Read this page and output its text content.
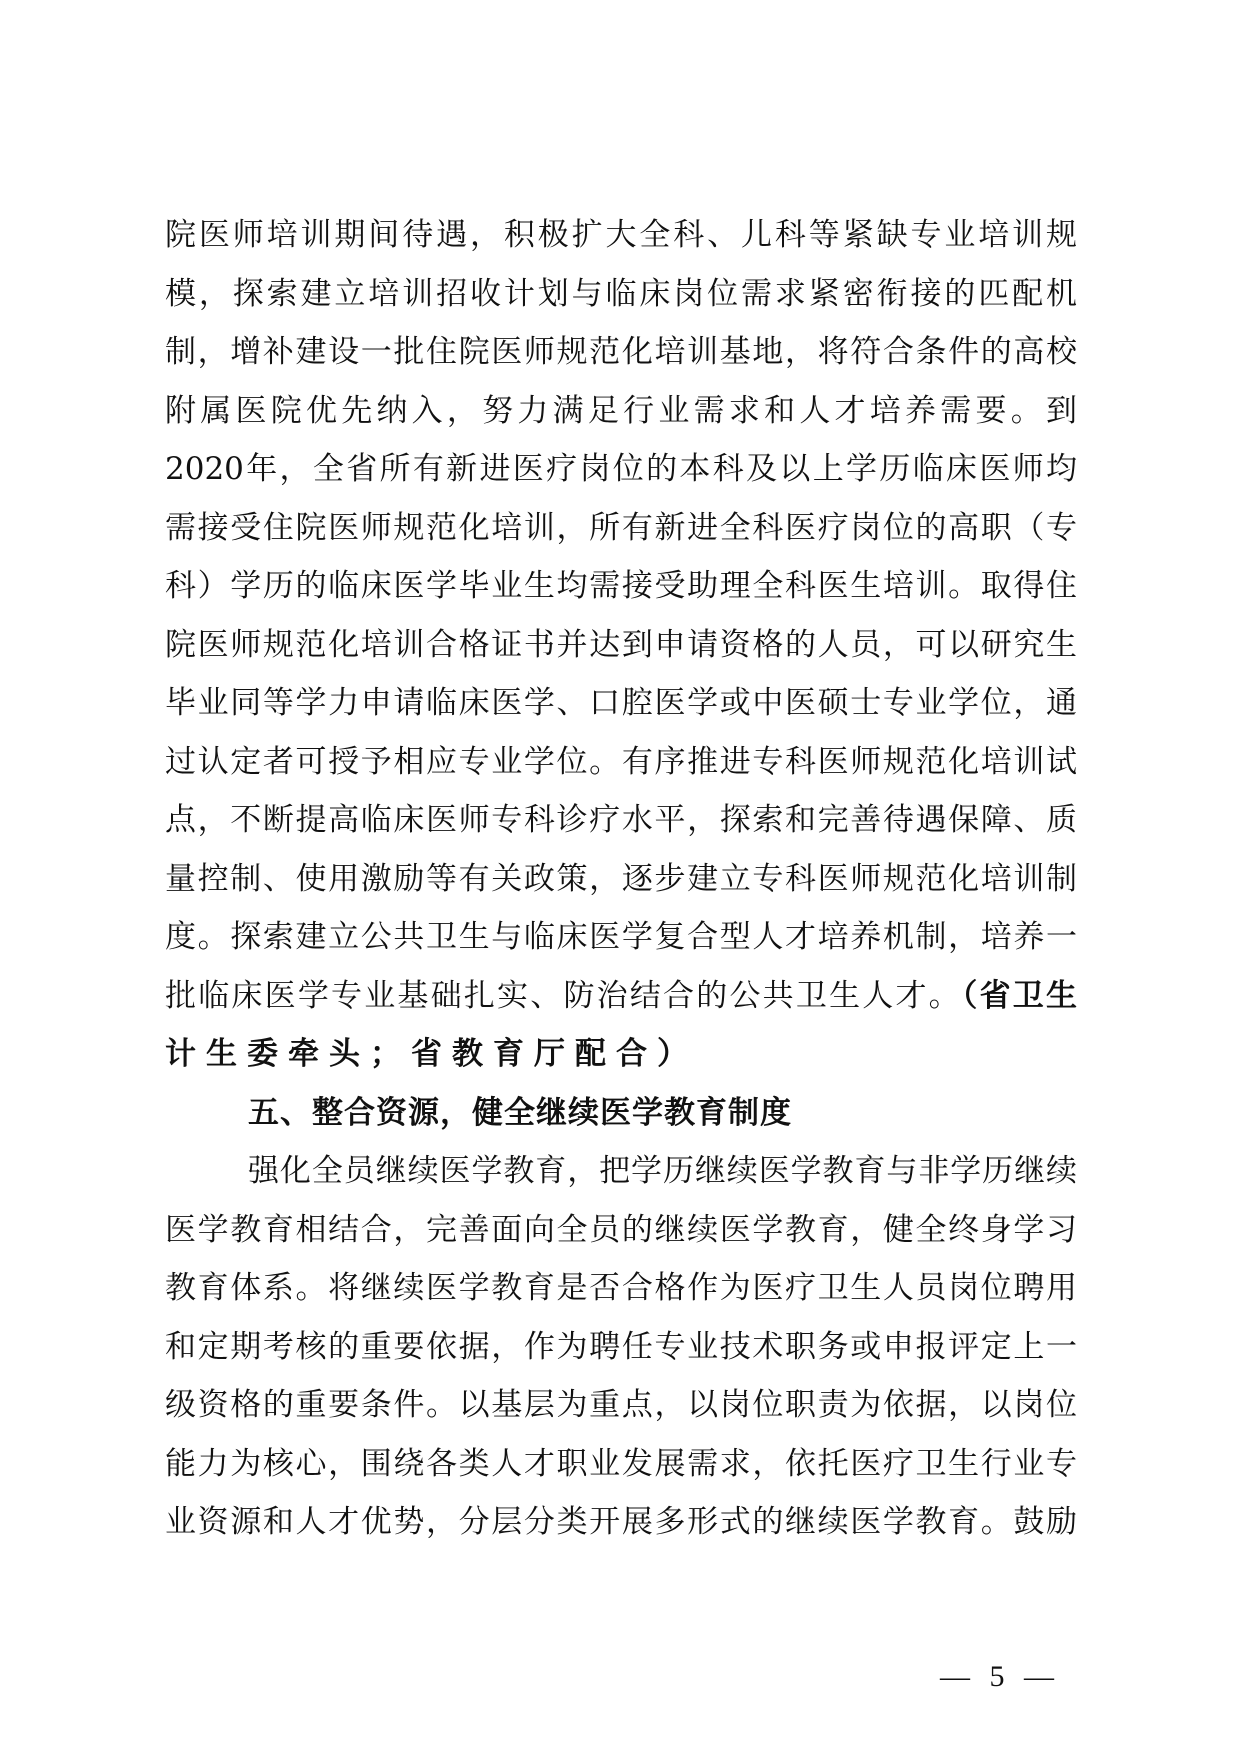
院医师培训期间待遇，积极扩大全科、儿科等紧缺专业培训规
模，探索建立培训招收计划与临床岗位需求紧密衔接的匹配机
制，增补建设一批住院医师规范化培训基地，将符合条件的高校
附属医院优先纳入，努力满足行业需求和人才培养需要。到
2020年，全省所有新进医疗岗位的本科及以上学历临床医师均
需接受住院医师规范化培训，所有新进全科医疗岗位的高职（专
科）学历的临床医学毕业生均需接受助理全科医生培训。取得住
院医师规范化培训合格证书并达到申请资格的人员，可以研究生
毕业同等学力申请临床医学、口腔医学或中医硕士专业学位，通
过认定者可授予相应专业学位。有序推进专科医师规范化培训试
点，不断提高临床医师专科诊疗水平，探索和完善待遇保障、质
量控制、使用激励等有关政策，逐步建立专科医师规范化培训制
度。探索建立公共卫生与临床医学复合型人才培养机制，培养一
批临床医学专业基础扎实、防治结合的公共卫生人才。（省卫生
计生委牵头；省教育厅配合）
五、整合资源，健全继续医学教育制度
强化全员继续医学教育，把学历继续医学教育与非学历继续
医学教育相结合，完善面向全员的继续医学教育，健全终身学习
教育体系。将继续医学教育是否合格作为医疗卫生人员岗位聘用
和定期考核的重要依据，作为聘任专业技术职务或申报评定上一
级资格的重要条件。以基层为重点，以岗位职责为依据，以岗位
能力为核心，围绕各类人才职业发展需求，依托医疗卫生行业专
业资源和人才优势，分层分类开展多形式的继续医学教育。鼓励
— 5 —
